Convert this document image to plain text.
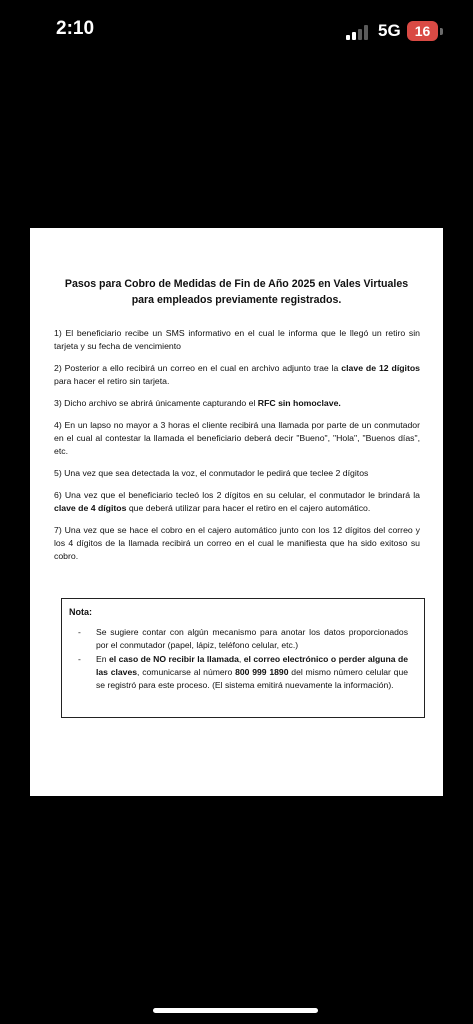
2:10	5G	16
Pasos para Cobro de Medidas de Fin de Año 2025 en Vales Virtuales
para empleados previamente registrados.

1) El beneficiario recibe un SMS informativo en el cual le informa que le llegó un retiro sin tarjeta y su fecha de vencimiento

2) Posterior a ello recibirá un correo en el cual en archivo adjunto trae la clave de 12 dígitos para hacer el retiro sin tarjeta.

3) Dicho archivo se abrirá únicamente capturando el RFC sin homoclave.

4) En un lapso no mayor a 3 horas el cliente recibirá una llamada por parte de un conmutador en el cual al contestar la llamada el beneficiario deberá decir "Bueno", "Hola", "Buenos días", etc.

5) Una vez que sea detectada la voz, el conmutador le pedirá que teclee 2 dígitos

6) Una vez que el beneficiario tecleó los 2 dígitos en su celular, el conmutador le brindará la clave de 4 dígitos que deberá utilizar para hacer el retiro en el cajero automático.

7) Una vez que se hace el cobro en el cajero automático junto con los 12 dígitos del correo y los 4 dígitos de la llamada recibirá un correo en el cual le manifiesta que ha sido exitoso su cobro.

Nota:
- Se sugiere contar con algún mecanismo para anotar los datos proporcionados por el conmutador (papel, lápiz, teléfono celular, etc.)
- En el caso de NO recibir la llamada, el correo electrónico o perder alguna de las claves, comunicarse al número 800 999 1890 del mismo número celular que se registró para este proceso. (El sistema emitirá nuevamente la información).
